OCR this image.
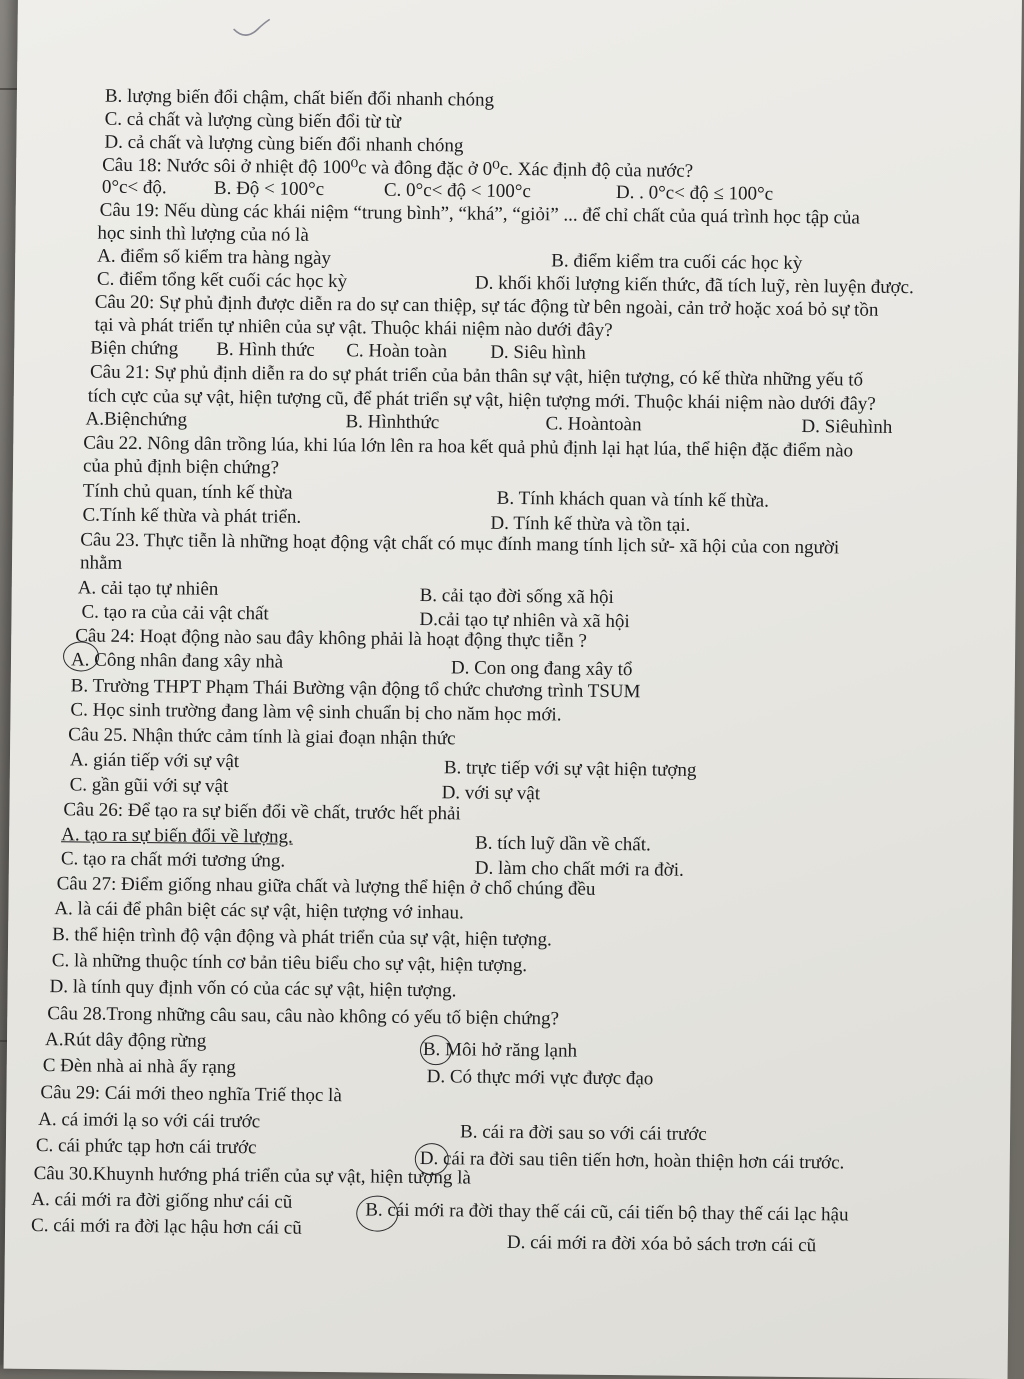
B. lượng biến đổi chậm, chất biến đổi nhanh chóng
C. cả chất và lượng cùng biến đổi từ từ
D. cả chất và lượng cùng biến đổi nhanh chóng
Câu 18: Nước sôi ở nhiệt độ 100⁰c và đông đặc ở 0⁰c. Xác định độ của nước?
0°c< độ. B. Độ < 100°c	C. 0°c< độ < 100°c	D. . 0°c< độ ≤ 100°c
Câu 19: Nếu dùng các khái niệm “trung bình”, “khá”, “giỏi” ... để chỉ chất của quá trình học tập của
học sinh thì lượng của nó là
A. điểm số kiểm tra hàng ngày	B. điểm kiểm tra cuối các học kỳ
C. điểm tổng kết cuối các học kỳ	D. khối khối lượng kiến thức, đã tích luỹ, rèn luyện được.
Câu 20: Sự phủ định được diễn ra do sự can thiệp, sự tác động từ bên ngoài, cản trở hoặc xoá bỏ sự tồn
tại và phát triển tự nhiên của sự vật. Thuộc khái niệm nào dưới đây?
Biện chứng B. Hình thức C. Hoàn toàn D. Siêu hình
Câu 21: Sự phủ định diễn ra do sự phát triển của bản thân sự vật, hiện tượng, có kế thừa những yếu tố
tích cực của sự vật, hiện tượng cũ, để phát triển sự vật, hiện tượng mới. Thuộc khái niệm nào dưới đây?
A.Biệnchứng	B. Hìnhthức	C. Hoàntoàn	D. Siêuhình
Câu 22. Nông dân trồng lúa, khi lúa lớn lên ra hoa kết quả phủ định lại hạt lúa, thể hiện đặc điểm nào
của phủ định biện chứng?
Tính chủ quan, tính kế thừa	B. Tính khách quan và tính kế thừa.
C.Tính kế thừa và phát triển.	D. Tính kế thừa và tồn tại.
Câu 23. Thực tiễn là những hoạt động vật chất có mục đính mang tính lịch sử- xã hội của con người
nhằm
A. cải tạo tự nhiên	B. cải tạo đời sống xã hội
C. tạo ra của cải vật chất	D.cải tạo tự nhiên và xã hội
Câu 24: Hoạt động nào sau đây không phải là hoạt động thực tiễn ?
A. Công nhân đang xây nhà	D. Con ong đang xây tổ
B. Trường THPT Phạm Thái Bường vận động tổ chức chương trình TSUM
C. Học sinh trường đang làm vệ sinh chuẩn bị cho năm học mới.
Câu 25. Nhận thức cảm tính là giai đoạn nhận thức
A. gián tiếp với sự vật	B. trực tiếp với sự vật hiện tượng
C. gần gũi với sự vật	D. với sự vật
Câu 26: Để tạo ra sự biến đổi về chất, trước hết phải
A. tạo ra sự biến đổi về lượng.	B. tích luỹ dần về chất.
C. tạo ra chất mới tương ứng.	D. làm cho chất mới ra đời.
Câu 27: Điểm giống nhau giữa chất và lượng thể hiện ở chổ chúng đều
A. là cái để phân biệt các sự vật, hiện tượng vớ inhau.
B. thể hiện trình độ vận động và phát triển của sự vật, hiện tượng.
C. là những thuộc tính cơ bản tiêu biểu cho sự vật, hiện tượng.
D. là tính quy định vốn có của các sự vật, hiện tượng.
Câu 28.Trong những câu sau, câu nào không có yếu tố biện chứng?
A.Rút dây động rừng	B. Môi hở răng lạnh
C Đèn nhà ai nhà ấy rạng	D. Có thực mới vực được đạo
Câu 29: Cái mới theo nghĩa Triế thọc là
A. cá imới lạ so với cái trước
B. cái ra đời sau so với cái trước
C. cái phức tạp hơn cái trước
D. cái ra đời sau tiên tiến hơn, hoàn thiện hơn cái trước.
Câu 30.Khuynh hướng phá triển của sự vật, hiện tượng là
A. cái mới ra đời giống như cái cũ	B. cái mới ra đời thay thế cái cũ, cái tiến bộ thay thế cái lạc hậu
C. cái mới ra đời lạc hậu hơn cái cũ
D. cái mới ra đời xóa bỏ sách trơn cái cũ
